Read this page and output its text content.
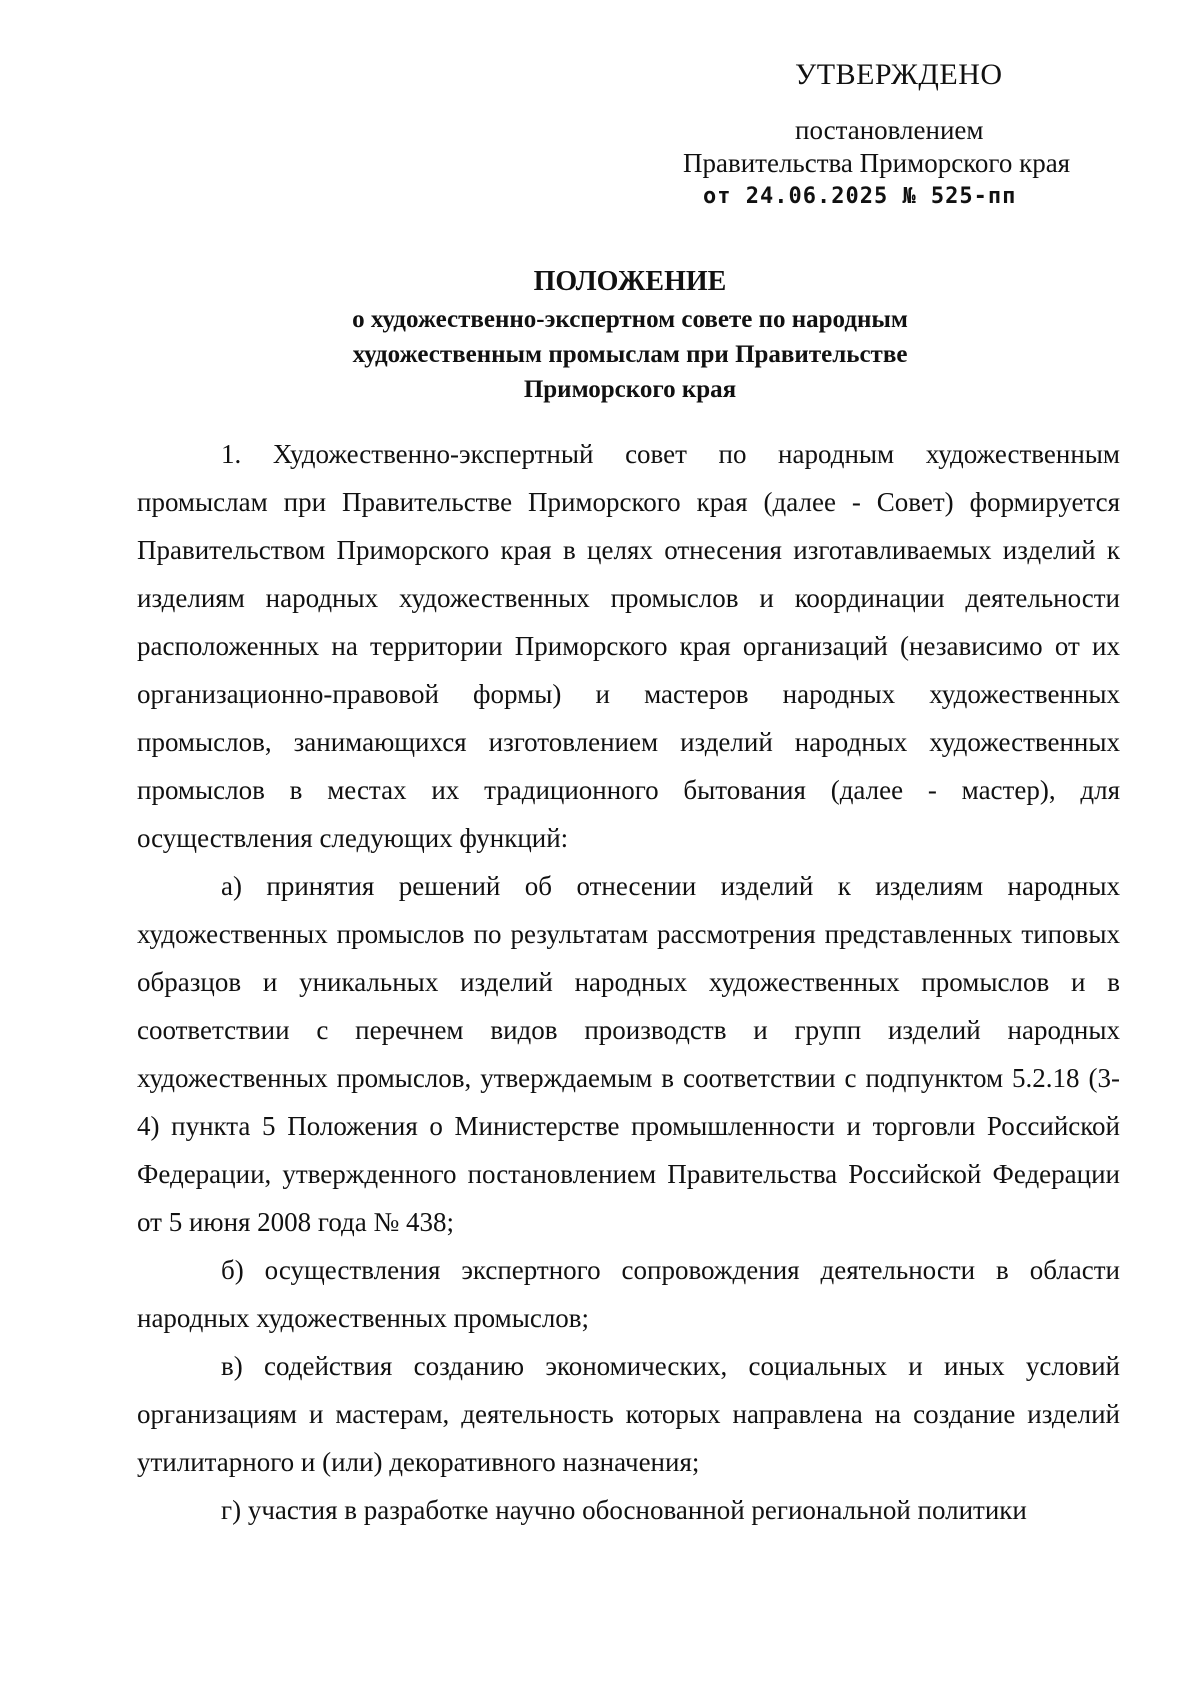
УТВЕРЖДЕНО
постановлением
Правительства Приморского края
от 24.06.2025 № 525-пп
ПОЛОЖЕНИЕ
о художественно-экспертном совете по народным
художественным промыслам при Правительстве
Приморского края

1. Художественно-экспертный совет по народным художественным промыслам при Правительстве Приморского края (далее - Совет) формируется Правительством Приморского края в целях отнесения изготавливаемых изделий к изделиям народных художественных промыслов и координации деятельности расположенных на территории Приморского края организаций (независимо от их организационно-правовой формы) и мастеров народных художественных промыслов, занимающихся изготовлением изделий народных художественных промыслов в местах их традиционного бытования (далее - мастер), для осуществления следующих функций:

а) принятия решений об отнесении изделий к изделиям народных художественных промыслов по результатам рассмотрения представленных типовых образцов и уникальных изделий народных художественных промыслов и в соответствии с перечнем видов производств и групп изделий народных художественных промыслов, утверждаемым в соответствии с подпунктом 5.2.18 (3-4) пункта 5 Положения о Министерстве промышленности и торговли Российской Федерации, утвержденного постановлением Правительства Российской Федерации от 5 июня 2008 года № 438;

б) осуществления экспертного сопровождения деятельности в области народных художественных промыслов;

в) содействия созданию экономических, социальных и иных условий организациям и мастерам, деятельность которых направлена на создание изделий утилитарного и (или) декоративного назначения;

г) участия в разработке научно обоснованной региональной политики
